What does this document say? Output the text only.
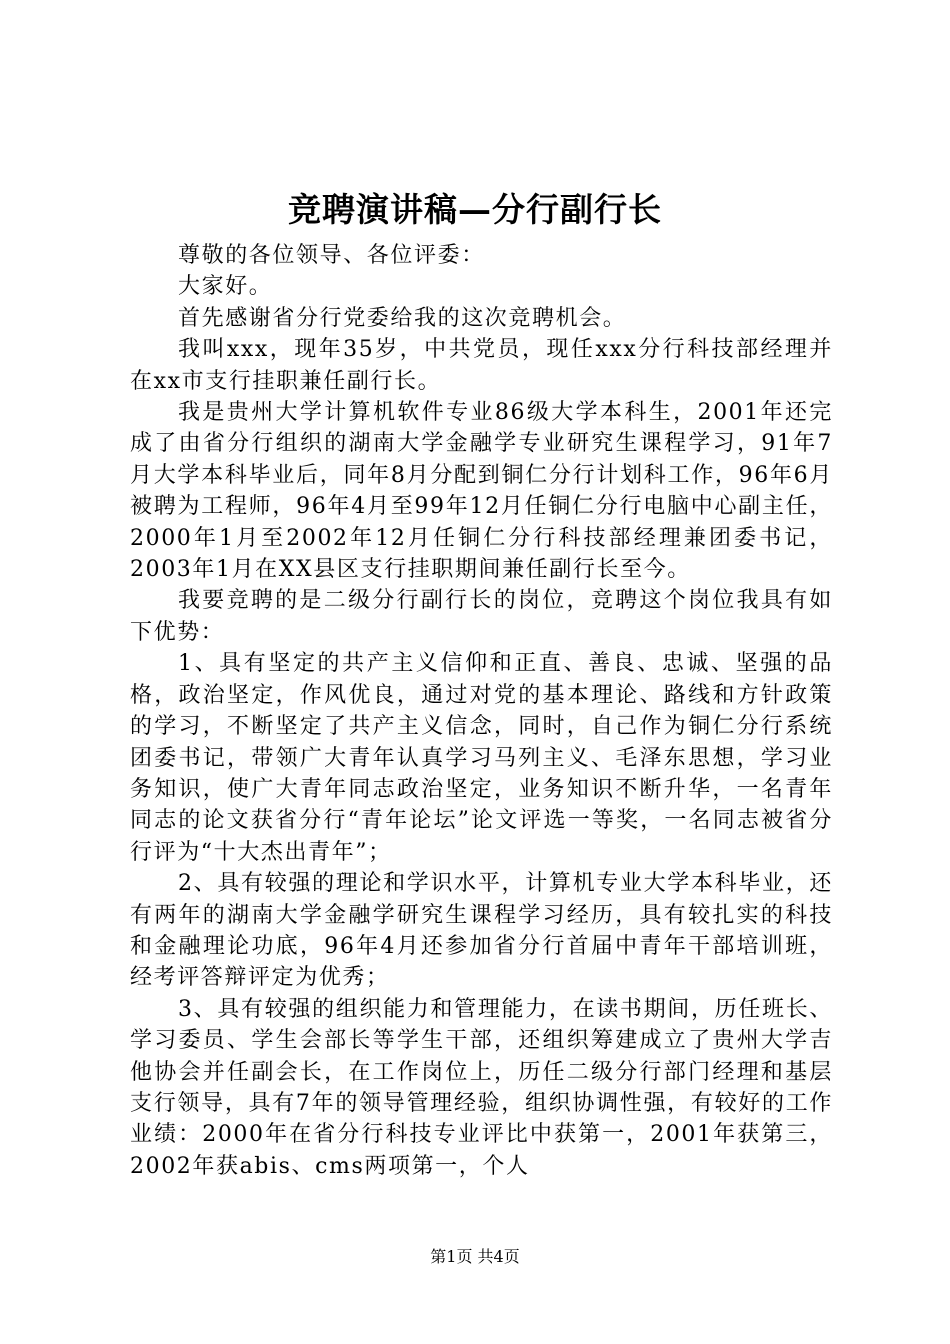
竞聘演讲稿—分行副行长

尊敬的各位领导、各位评委：

大家好。

首先感谢省分行党委给我的这次竞聘机会。

我叫xxx，现年35岁，中共党员，现任xxx分行科技部经理并在xx市支行挂职兼任副行长。

我是贵州大学计算机软件专业86级大学本科生，2001年还完成了由省分行组织的湖南大学金融学专业研究生课程学习，91年7月大学本科毕业后，同年8月分配到铜仁分行计划科工作，96年6月被聘为工程师，96年4月至99年12月任铜仁分行电脑中心副主任，2000年1月至2002年12月任铜仁分行科技部经理兼团委书记，2003年1月在XX县区支行挂职期间兼任副行长至今。

我要竞聘的是二级分行副行长的岗位，竞聘这个岗位我具有如下优势：

1、具有坚定的共产主义信仰和正直、善良、忠诚、坚强的品格，政治坚定，作风优良，通过对党的基本理论、路线和方针政策的学习，不断坚定了共产主义信念，同时，自己作为铜仁分行系统团委书记，带领广大青年认真学习马列主义、毛泽东思想，学习业务知识，使广大青年同志政治坚定，业务知识不断升华，一名青年同志的论文获省分行“青年论坛”论文评选一等奖，一名同志被省分行评为“十大杰出青年”；

2、具有较强的理论和学识水平，计算机专业大学本科毕业，还有两年的湖南大学金融学研究生课程学习经历，具有较扎实的科技和金融理论功底，96年4月还参加省分行首届中青年干部培训班，经考评答辩评定为优秀；

3、具有较强的组织能力和管理能力，在读书期间，历任班长、学习委员、学生会部长等学生干部，还组织筹建成立了贵州大学吉他协会并任副会长，在工作岗位上，历任二级分行部门经理和基层支行领导，具有7年的领导管理经验，组织协调性强，有较好的工作业绩：2000年在省分行科技专业评比中获第一，2001年获第三，2002年获abis、cms两项第一，个人

第1页 共4页
